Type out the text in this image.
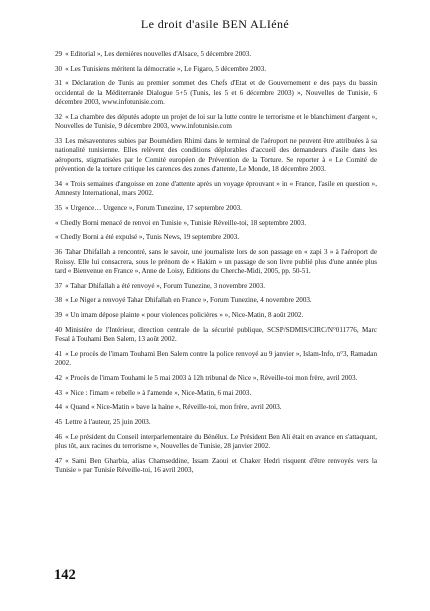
Le droit d'asile BEN ALIéné

29 « Editorial », Les dernières nouvelles d'Alsace, 5 décembre 2003.

30 « Les Tunisiens méritent la démocratie », Le Figaro, 5 décembre 2003.

31 « Déclaration de Tunis au premier sommet des Chefs d'Etat et de Gouvernement e des pays du bassin occidental de la Méditerranée Dialogue 5+5 (Tunis, les 5 et 6 décembre 2003) », Nouvelles de Tunisie, 6 décembre 2003, www.infotunisie.com.

32 « La chambre des députés adopte un projet de loi sur la lutte contre le terrorisme et le blanchiment d'argent », Nouvelles de Tunisie, 9 décembre 2003, www.infotunisie.com

33 Les mésaventures subies par Boumédien Rhimi dans le terminal de l'aéroport ne peuvent être attribuées à sa nationalité tunisienne. Elles relèvent des conditions déplorables d'accueil des demandeurs d'asile dans les aéroports, stigmatisées par le Comité européen de Prévention de la Torture. Se reporter à « Le Comité de prévention de la torture critique les carences des zones d'attente, Le Monde, 18 décembre 2003.

34 « Trois semaines d'angoisse en zone d'attente après un voyage éprouvant » in « France, l'asile en question », Amnesty International, mars 2002.

35 « Urgence… Urgence », Forum Tunezine, 17 septembre 2003.

« Chedly Borni menacé de renvoi en Tunisie », Tunisie Réveille-toi, 18 septembre 2003.

« Chedly Borni a été expulsé », Tunis News, 19 septembre 2003.

36 Tahar Dhifallah a rencontré, sans le savoir, une journaliste lors de son passage en « zapi 3 » à l'aéroport de Roissy. Elle lui consacrera, sous le prénom de « Hakim » un passage de son livre publié plus d'une année plus tard « Bienvenue en France », Anne de Loisy, Editions du Cherche-Midi, 2005, pp. 50-51.

37 « Tahar Dhifallah a été renvoyé », Forum Tunezine, 3 novembre 2003.

38 « Le Niger a renvoyé Tahar Dhifallah en France », Forum Tunezine, 4 novembre 2003.

39 « Un imam dépose plainte « pour violences policières » », Nice-Matin, 8 août 2002.

40 Ministère de l'Intérieur, direction centrale de la sécurité publique, SCSP/SDMIS/CIRC/N°011776, Marc Fesal à Touhami Ben Salem, 13 août 2002.

41 « Le procès de l'imam Touhami Ben Salem contre la police renvoyé au 9 janvier », Islam-Info, n°3, Ramadan 2002.

42 « Procès de l'imam Touhami le 5 mai 2003 à 12h tribunal de Nice », Réveille-toi mon frère, avril 2003.

43 « Nice : l'imam « rebelle » à l'amende », Nice-Matin, 6 mai 2003.

44 « Quand « Nice-Matin » bave la haine », Réveille-toi, mon frère, avril 2003.

45 Lettre à l'auteur, 25 juin 2003.

46 « Le président du Conseil interparlementaire du Bénélux. Le Président Ben Ali était en avance en s'attaquant, plus tôt, aux racines du terrorisme », Nouvelles de Tunisie, 28 janvier 2002.

47 « Sami Ben Gharbia, alias Chamseddine, Issam Zaoui et Chaker Hedri risquent d'être renvoyés vers la Tunisie » par Tunisie Réveille-toi, 16 avril 2003,

142
